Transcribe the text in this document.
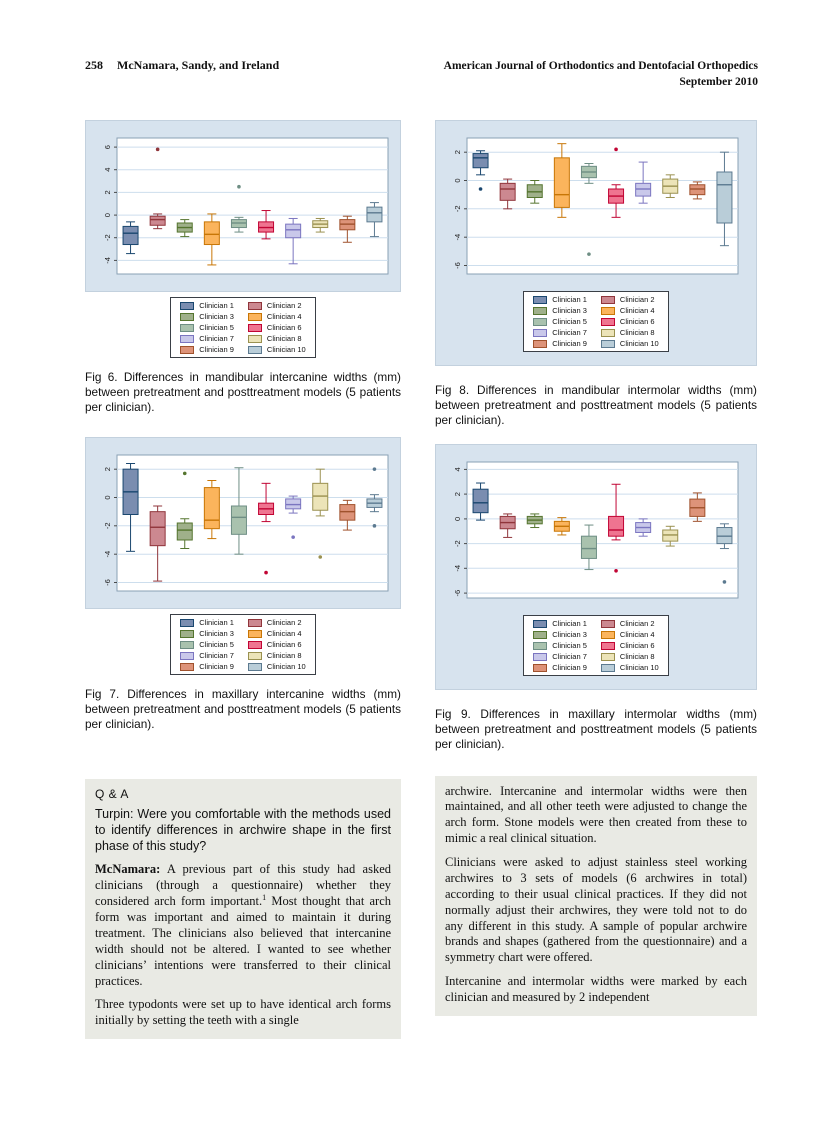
258 McNamara, Sandy, and Ireland	American Journal of Orthodontics and Dentofacial Orthopedics
September 2010
-4
-2
0
2
4
6
Clinician 1	Clinician 2
Clinician 3	Clinician 4
Clinician 5	Clinician 6
Clinician 7	Clinician 8
Clinician 9	Clinician 10

Fig 6. Differences in mandibular intercanine widths (mm) between pretreatment and posttreatment models (5 patients per clinician).

-6
-4
-2
0
2
Clinician 1	Clinician 2
Clinician 3	Clinician 4
Clinician 5	Clinician 6
Clinician 7	Clinician 8
Clinician 9	Clinician 10

Fig 7. Differences in maxillary intercanine widths (mm) between pretreatment and posttreatment models (5 patients per clinician).

Q & A

Turpin: Were you comfortable with the methods used to identify differences in archwire shape in the first phase of this study?

McNamara: A previous part of this study had asked clinicians (through a questionnaire) whether they considered arch form important.$^1$ Most thought that arch form was important and aimed to maintain it during treatment. The clinicians also believed that intercanine width should not be altered. I wanted to see whether clinicians’ intentions were transferred to their clinical practices.

Three typodonts were set up to have identical arch forms initially by setting the teeth with a single

-6
-4
-2
0
2
Clinician 1	Clinician 2
Clinician 3	Clinician 4
Clinician 5	Clinician 6
Clinician 7	Clinician 8
Clinician 9	Clinician 10

Fig 8. Differences in mandibular intermolar widths (mm) between pretreatment and posttreatment models (5 patients per clinician).

-6
-4
-2
0
2
4
Clinician 1	Clinician 2
Clinician 3	Clinician 4
Clinician 5	Clinician 6
Clinician 7	Clinician 8
Clinician 9	Clinician 10

Fig 9. Differences in maxillary intermolar widths (mm) between pretreatment and posttreatment models (5 patients per clinician).

archwire. Intercanine and intermolar widths were then maintained, and all other teeth were adjusted to change the arch form. Stone models were then created from these to mimic a real clinical situation.

Clinicians were asked to adjust stainless steel working archwires to 3 sets of models (6 archwires in total) according to their usual clinical practices. If they did not normally adjust their archwires, they were told not to do any different in this study. A sample of popular archwire brands and shapes (gathered from the questionnaire) and a symmetry chart were offered.

Intercanine and intermolar widths were marked by each clinician and measured by 2 independent
